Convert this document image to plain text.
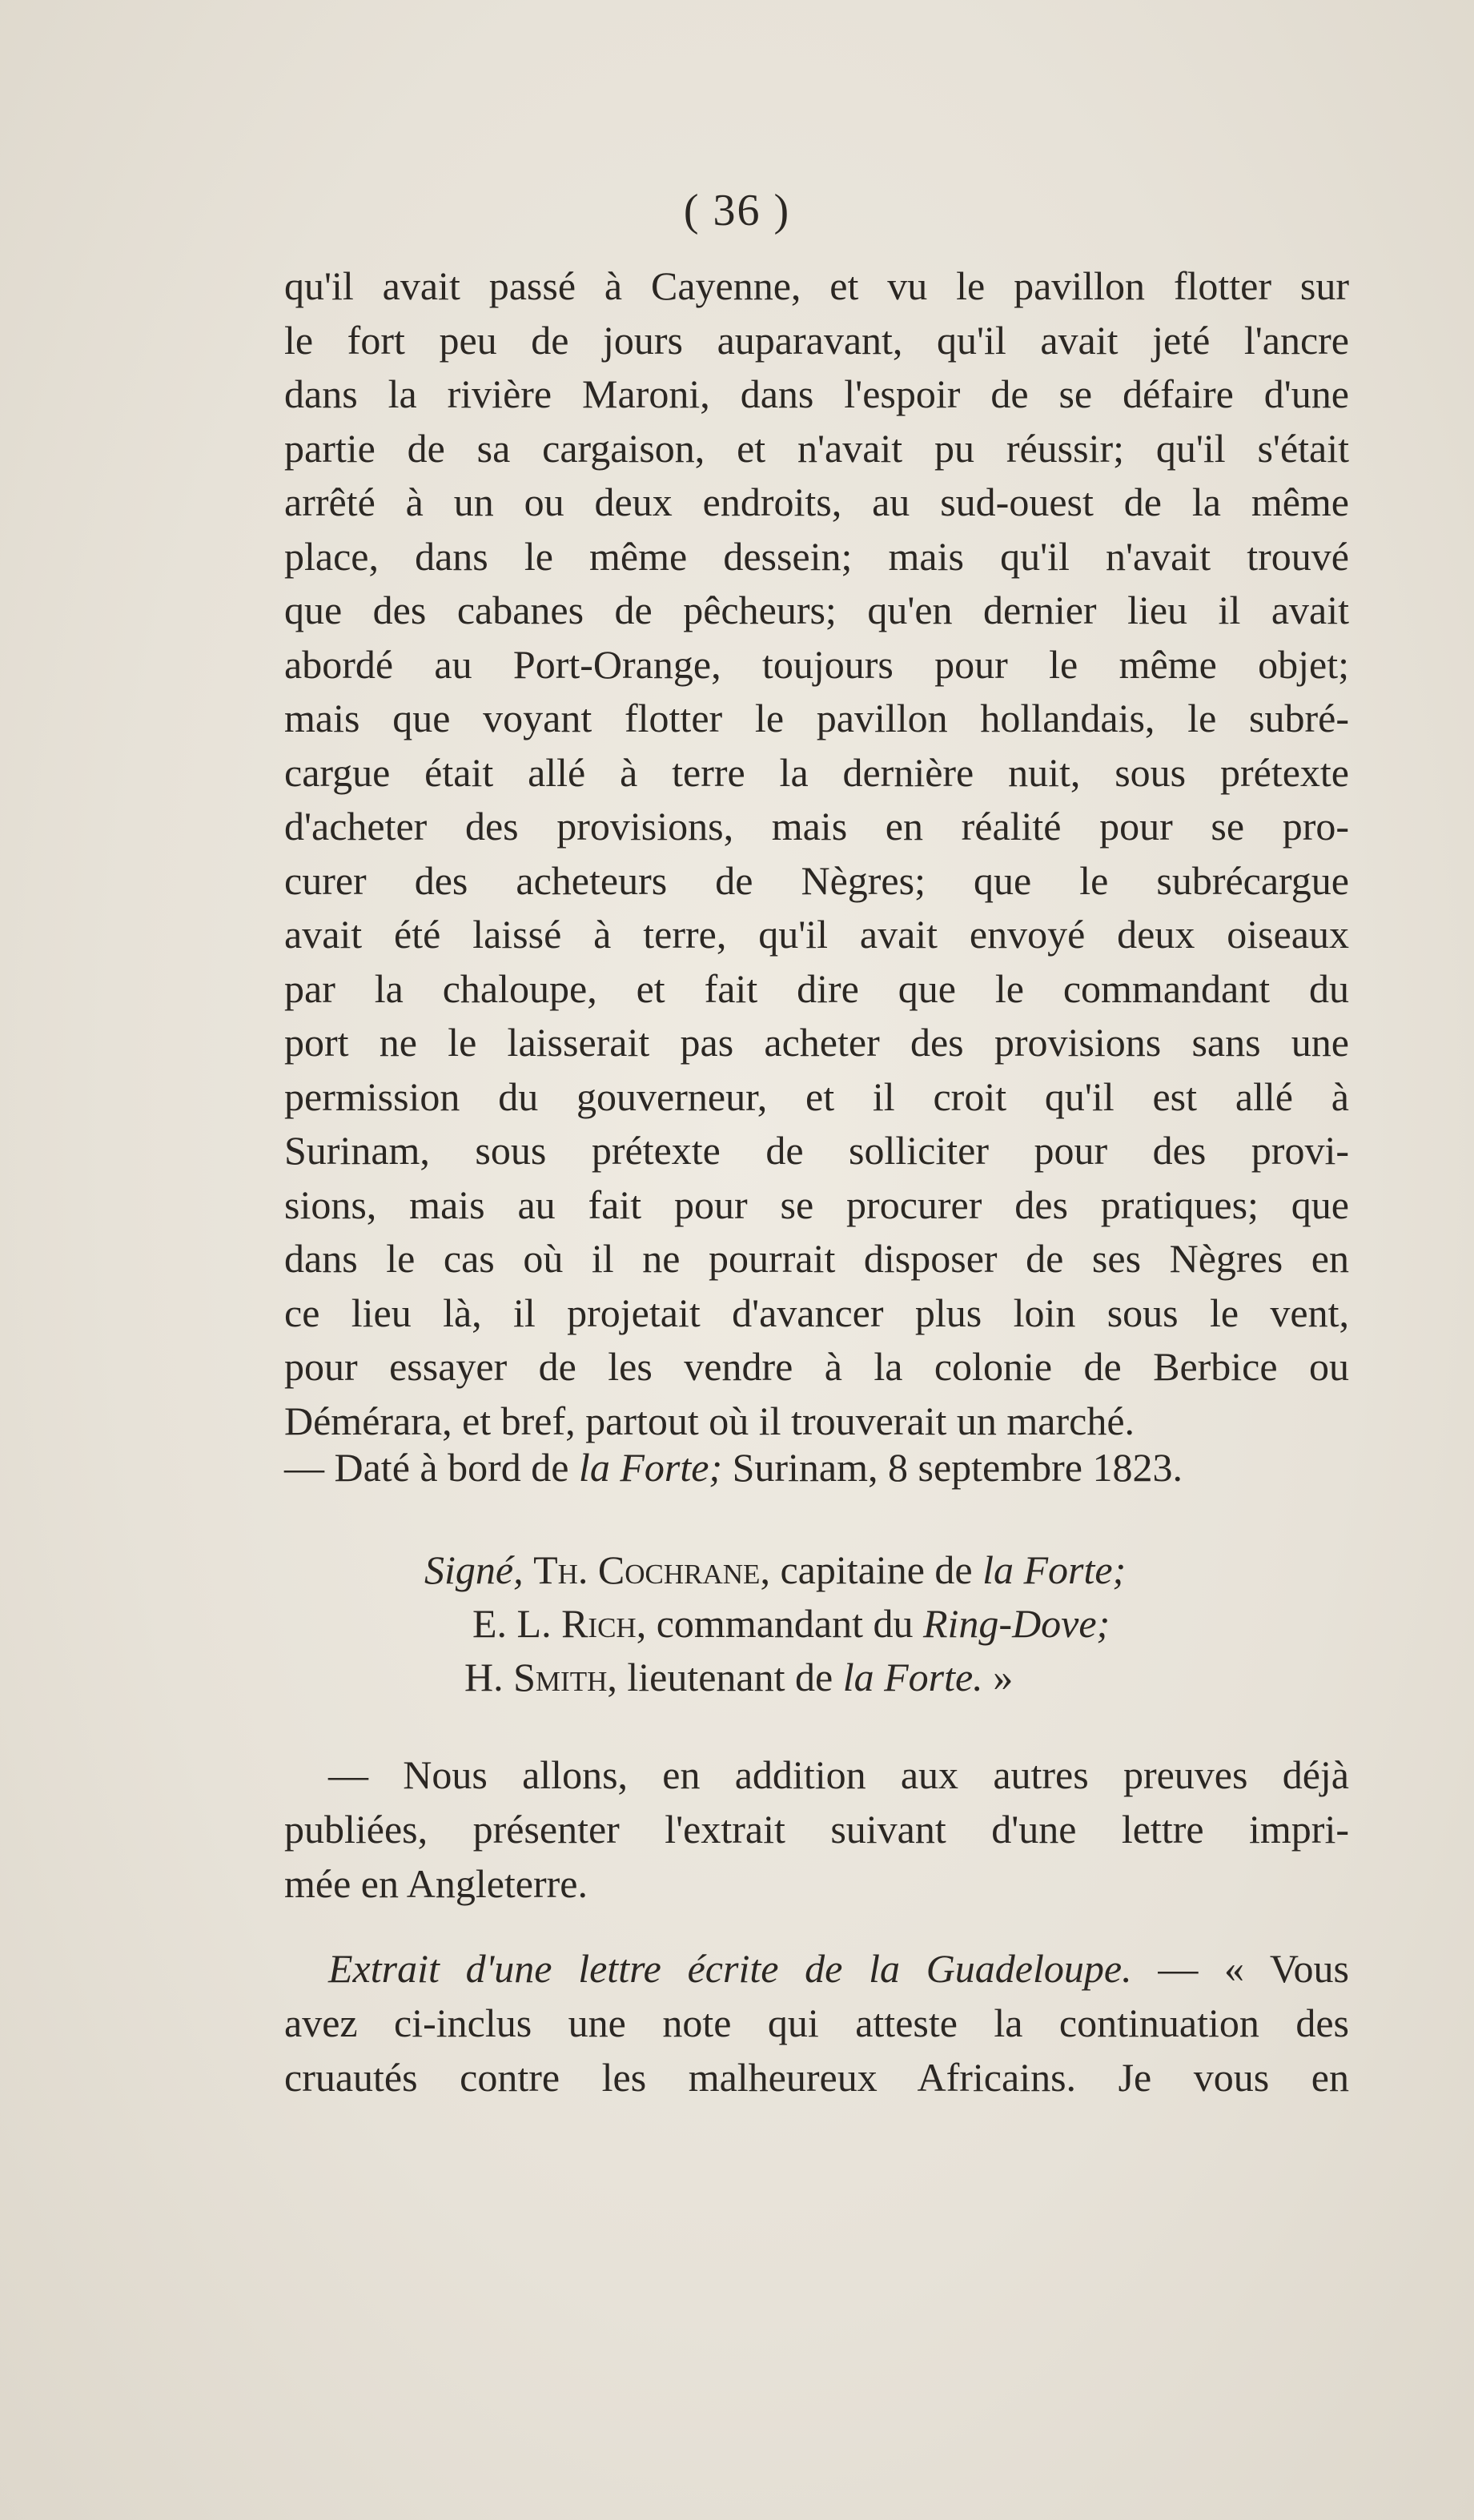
( 36 )
qu'il avait passé à Cayenne, et vu le pavillon flotter sur
le fort peu de jours auparavant, qu'il avait jeté l'ancre
dans la rivière Maroni, dans l'espoir de se défaire d'une
partie de sa cargaison, et n'avait pu réussir; qu'il s'était
arrêté à un ou deux endroits, au sud-ouest de la même
place, dans le même dessein; mais qu'il n'avait trouvé
que des cabanes de pêcheurs; qu'en dernier lieu il avait
abordé au Port-Orange, toujours pour le même objet;
mais que voyant flotter le pavillon hollandais, le subré-
cargue était allé à terre la dernière nuit, sous prétexte
d'acheter des provisions, mais en réalité pour se pro-
curer des acheteurs de Nègres; que le subrécargue
avait été laissé à terre, qu'il avait envoyé deux oiseaux
par la chaloupe, et fait dire que le commandant du
port ne le laisserait pas acheter des provisions sans une
permission du gouverneur, et il croit qu'il est allé à
Surinam, sous prétexte de solliciter pour des provi-
sions, mais au fait pour se procurer des pratiques; que
dans le cas où il ne pourrait disposer de ses Nègres en
ce lieu là, il projetait d'avancer plus loin sous le vent,
pour essayer de les vendre à la colonie de Berbice ou
Démérara, et bref, partout où il trouverait un marché.
— Daté à bord de la Forte; Surinam, 8 septembre 1823.
Signé, Th. Cochrane, capitaine de la Forte;
E. L. Rich, commandant du Ring-Dove;
H. Smith, lieutenant de la Forte. »
— Nous allons, en addition aux autres preuves déjà
publiées, présenter l'extrait suivant d'une lettre impri-
mée en Angleterre.
Extrait d'une lettre écrite de la Guadeloupe. — « Vous
avez ci-inclus une note qui atteste la continuation des
cruautés contre les malheureux Africains. Je vous en
